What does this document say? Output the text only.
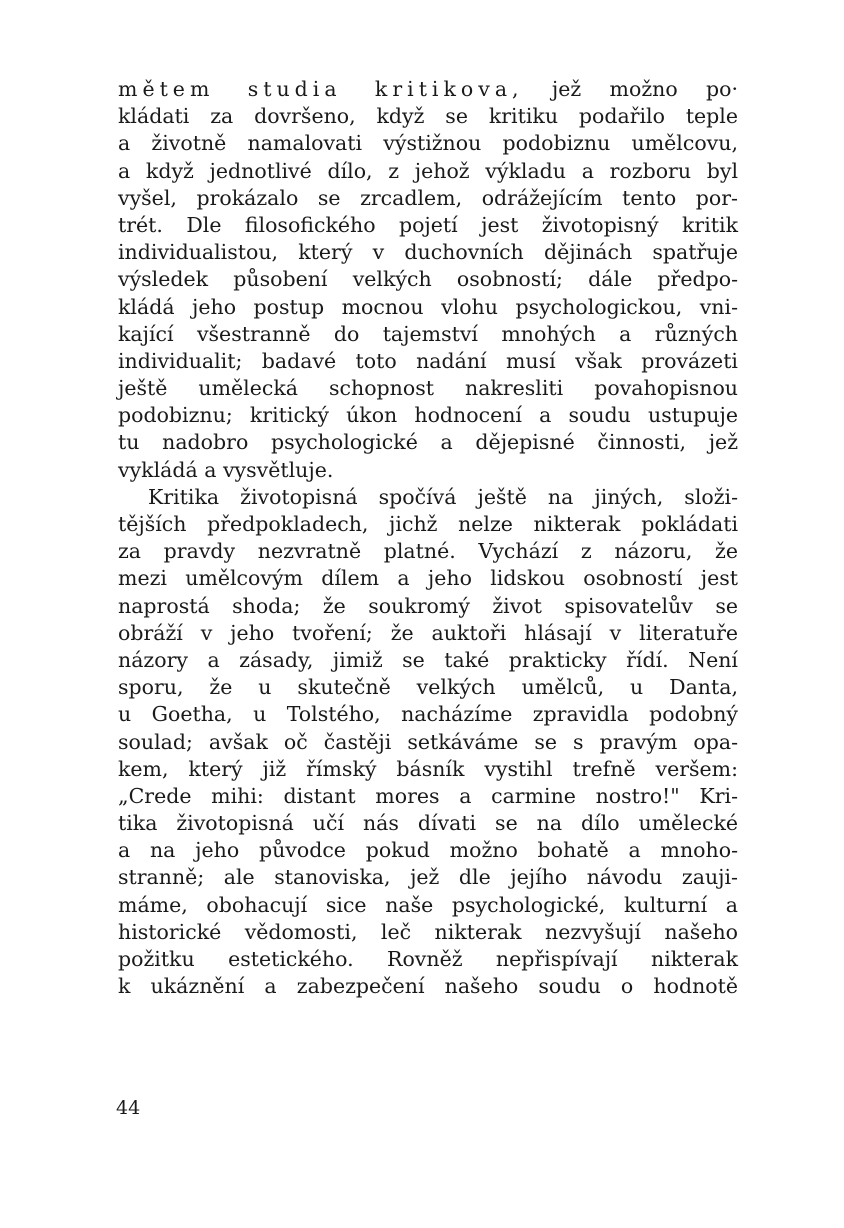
mětem studia kritikova, jež možno po·
kládati za dovršeno, když se kritiku podařilo teple
a životně namalovati výstižnou podobiznu umělcovu,
a když jednotlivé dílo, z jehož výkladu a rozboru byl
vyšel, prokázalo se zrcadlem, odrážejícím tento por-
trét. Dle filosofického pojetí jest životopisný kritik
individualistou, který v duchovních dějinách spatřuje
výsledek působení velkých osobností; dále předpo-
kládá jeho postup mocnou vlohu psychologickou, vni-
kající všestranně do tajemství mnohých a různých
individualit; badavé toto nadání musí však provázeti
ještě umělecká schopnost nakresliti povahopisnou
podobiznu; kritický úkon hodnocení a soudu ustupuje
tu nadobro psychologické a dějepisné činnosti, jež
vykládá a vysvětluje.
Kritika životopisná spočívá ještě na jiných, složi-
tějších předpokladech, jichž nelze nikterak pokládati
za pravdy nezvratně platné. Vychází z názoru, že
mezi umělcovým dílem a jeho lidskou osobností jest
naprostá shoda; že soukromý život spisovatelův se
obráží v jeho tvoření; že auktoři hlásají v literatuře
názory a zásady, jimiž se také prakticky řídí. Není
sporu, že u skutečně velkých umělců, u Danta,
u Goetha, u Tolstého, nacházíme zpravidla podobný
soulad; avšak oč častěji setkáváme se s pravým opa-
kem, který již římský básník vystihl trefně veršem:
„Crede mihi: distant mores a carmine nostro!" Kri-
tika životopisná učí nás dívati se na dílo umělecké
a na jeho původce pokud možno bohatě a mnoho-
stranně; ale stanoviska, jež dle jejího návodu zauji-
máme, obohacují sice naše psychologické, kulturní a
historické vědomosti, leč nikterak nezvyšují našeho
požitku estetického. Rovněž nepřispívají nikterak
k ukáznění a zabezpečení našeho soudu o hodnotě
44
